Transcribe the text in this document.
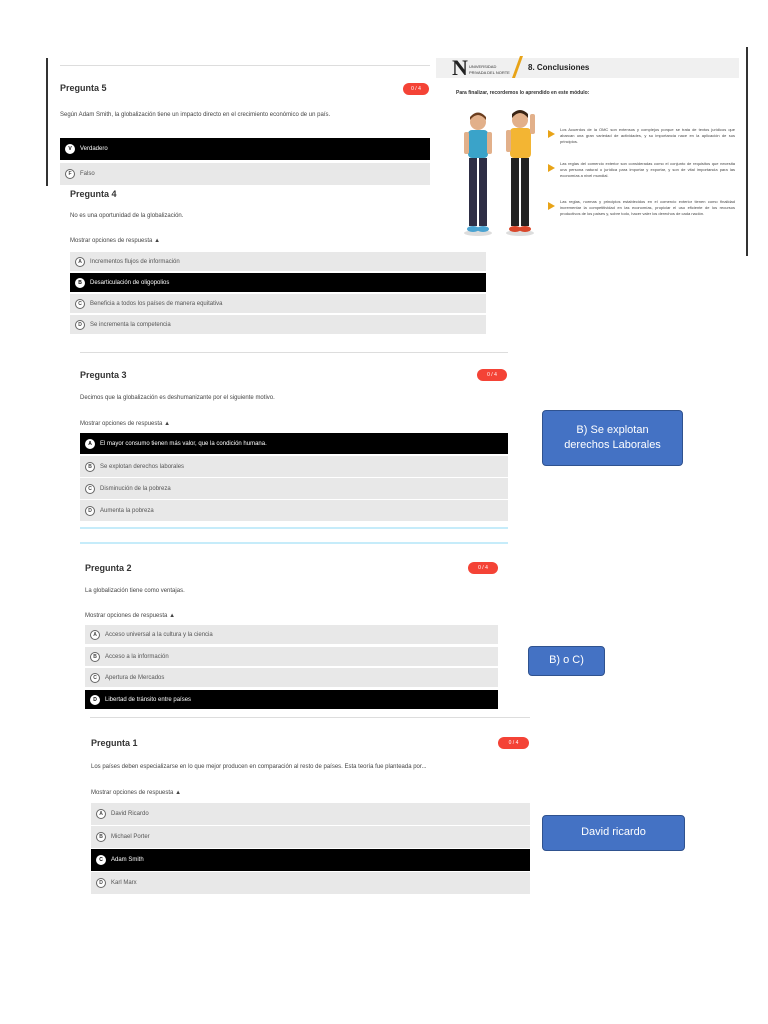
Pregunta 5	0 / 4
Según Adam Smith, la globalización tiene un impacto directo en el crecimiento económico de un país.
V	Verdadero
F	Falso
N UNIVERSIDAD
PRIVADA DEL NORTE
8. Conclusiones
Para finalizar, recordemos lo aprendido en este módulo:
Los Acuerdos de la OMC son extensos y complejos porque se trata de textos jurídicos que abarcan una gran variedad de actividades, y su importancia nace en la aplicación de sus principios.
Las reglas del comercio exterior son consideradas como el conjunto de requisitos que necesita una persona natural o jurídica para importar y exportar, y son de vital importancia para las economías a nivel mundial.
Las reglas, normas y principios establecidos en el comercio exterior tienen como finalidad incrementar la competitividad en las economías, propiciar el uso eficiente de los recursos productivos de los países y, sobre todo, hacer valer los derechos de cada nación.
Pregunta 4
No es una oportunidad de la globalización.
Mostrar opciones de respuesta ▲
A	Incrementos flujos de información
B	Desarticulación de oligopolios
C	Beneficia a todos los países de manera equitativa
D	Se incrementa la competencia
Pregunta 3	0 / 4
Decimos que la globalización es deshumanizante por el siguiente motivo.
Mostrar opciones de respuesta ▲
A	El mayor consumo tienen más valor, que la condición humana.
B	Se explotan derechos laborales
C	Disminución de la pobreza
D	Aumenta la pobreza
B) Se explotan derechos Laborales
Pregunta 2	0 / 4
La globalización tiene como ventajas.
Mostrar opciones de respuesta ▲
A	Acceso universal a la cultura y la ciencia
B	Acceso a la información
C	Apertura de Mercados
D	Libertad de tránsito entre países
B) o C)
Pregunta 1	0 / 4
Los países deben especializarse en lo que mejor producen en comparación al resto de países. Esta teoría fue planteada por...
Mostrar opciones de respuesta ▲
A	David Ricardo
B	Michael Porter
C	Adam Smith
D	Karl Marx
David ricardo
